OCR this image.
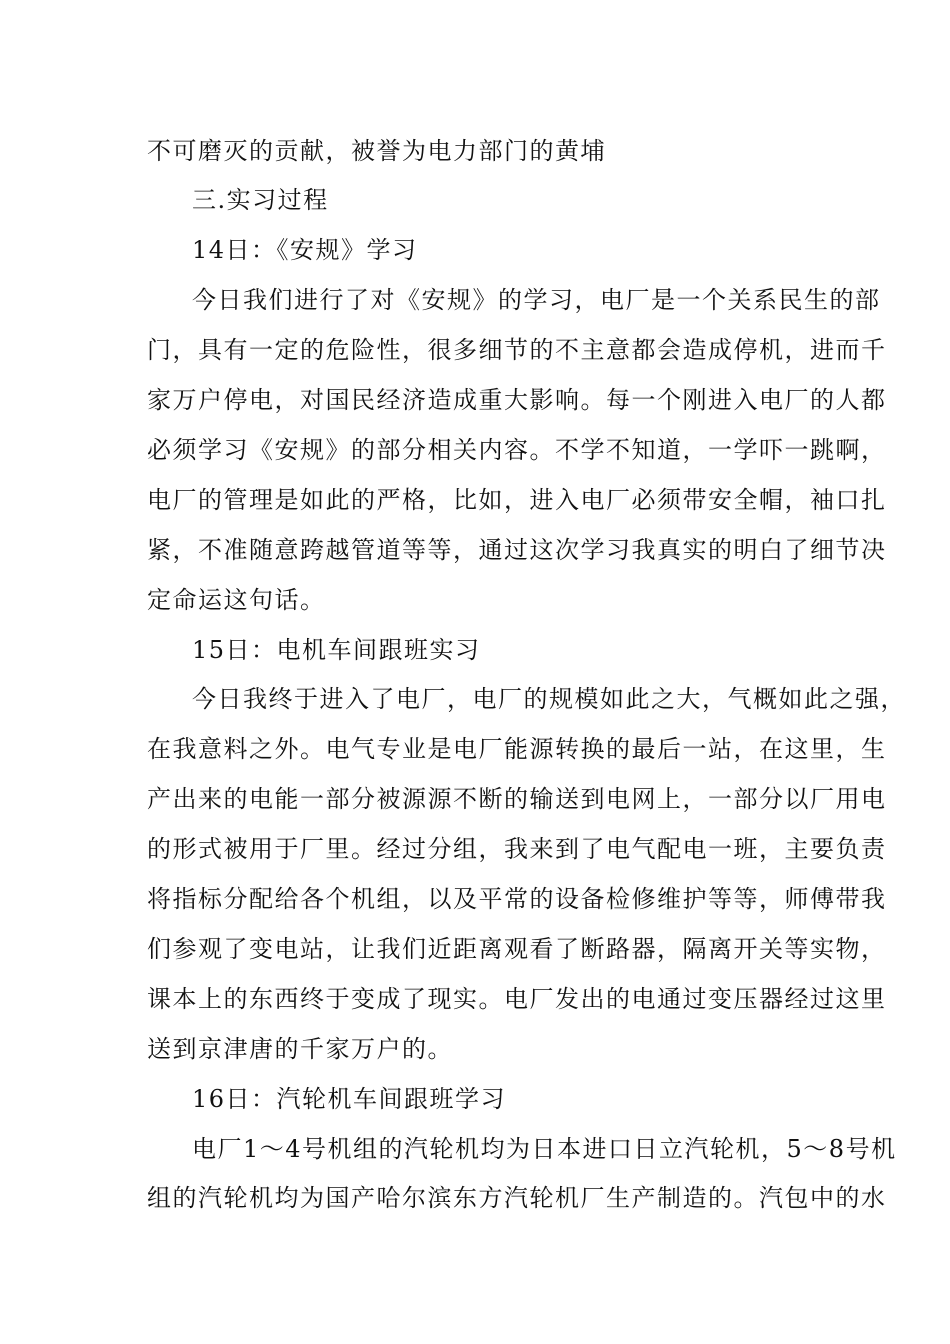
不可磨灭的贡献，被誉为电力部门的黄埔
三.实习过程
14日：《安规》学习
今日我们进行了对《安规》的学习，电厂是一个关系民生的部
门，具有一定的危险性，很多细节的不主意都会造成停机，进而千
家万户停电，对国民经济造成重大影响。每一个刚进入电厂的人都
必须学习《安规》的部分相关内容。不学不知道，一学吓一跳啊，
电厂的管理是如此的严格，比如，进入电厂必须带安全帽，袖口扎
紧，不准随意跨越管道等等，通过这次学习我真实的明白了细节决
定命运这句话。
15日：电机车间跟班实习
今日我终于进入了电厂，电厂的规模如此之大，气概如此之强，
在我意料之外。电气专业是电厂能源转换的最后一站，在这里，生
产出来的电能一部分被源源不断的输送到电网上，一部分以厂用电
的形式被用于厂里。经过分组，我来到了电气配电一班，主要负责
将指标分配给各个机组，以及平常的设备检修维护等等，师傅带我
们参观了变电站，让我们近距离观看了断路器，隔离开关等实物，
课本上的东西终于变成了现实。电厂发出的电通过变压器经过这里
送到京津唐的千家万户的。
16日：汽轮机车间跟班学习
电厂1～4号机组的汽轮机均为日本进口日立汽轮机，5～8号机
组的汽轮机均为国产哈尔滨东方汽轮机厂生产制造的。汽包中的水
